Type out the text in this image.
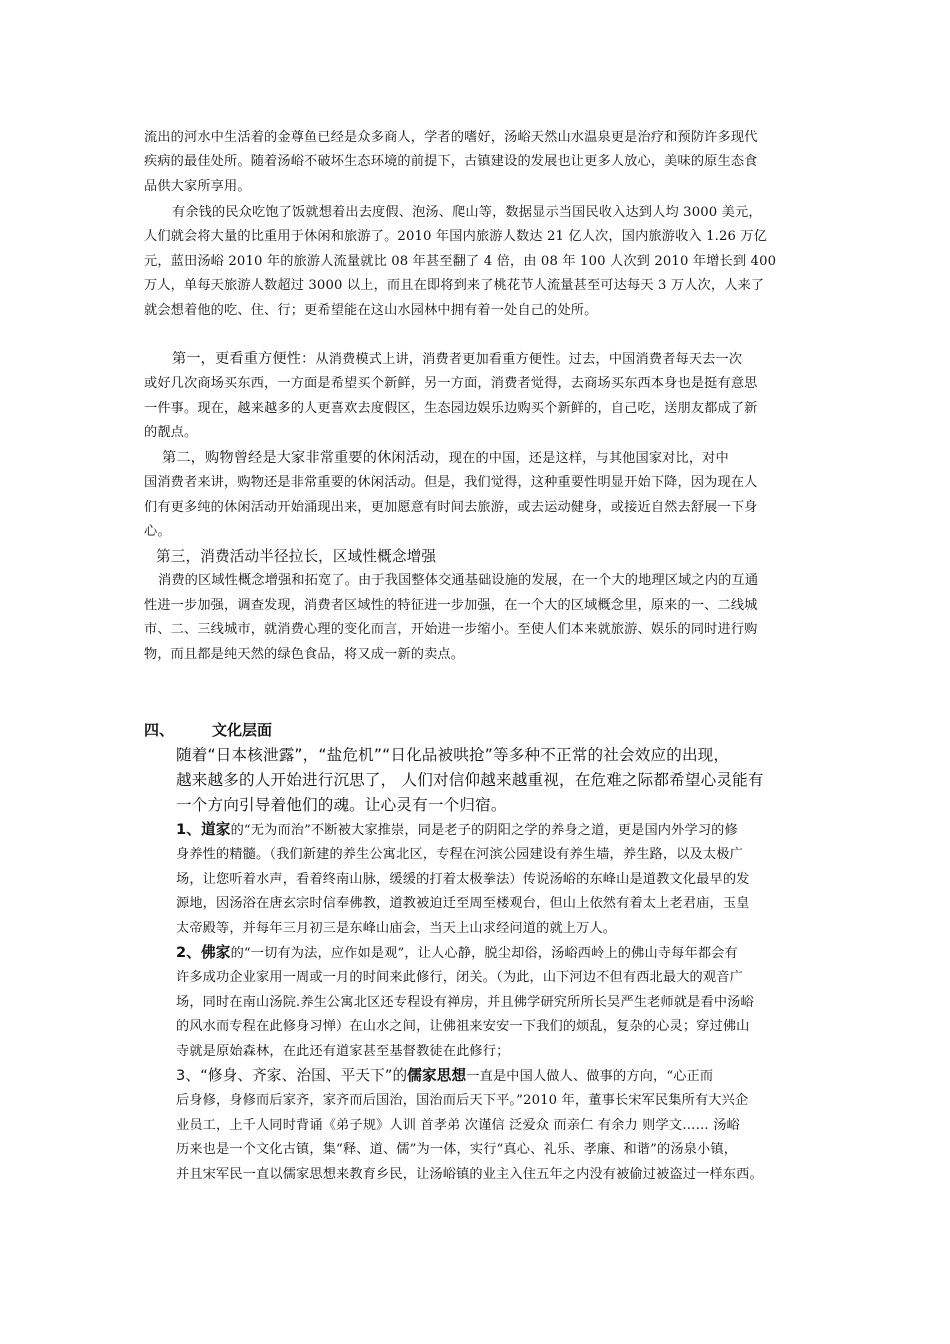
流出的河水中生活着的金尊鱼已经是众多商人，学者的嗜好，汤峪天然山水温泉更是治疗和预防许多现代
疾病的最佳处所。随着汤峪不破坏生态环境的前提下，古镇建设的发展也让更多人放心，美味的原生态食
品供大家所享用。
有余钱的民众吃饱了饭就想着出去度假、泡汤、爬山等，数据显示当国民收入达到人均 3000 美元，
人们就会将大量的比重用于休闲和旅游了。2010 年国内旅游人数达 21 亿人次，国内旅游收入 1.26 万亿
元，蓝田汤峪 2010 年的旅游人流量就比 08 年甚至翻了 4 倍，由 08 年 100 人次到 2010 年增长到 400
万人，单每天旅游人数超过 3000 以上，而且在即将到来了桃花节人流量甚至可达每天 3 万人次，人来了
就会想着他的吃、住、行；更希望能在这山水园林中拥有着一处自己的处所。
第一，更看重方便性：从消费模式上讲，消费者更加看重方便性。过去，中国消费者每天去一次
或好几次商场买东西，一方面是希望买个新鲜，另一方面，消费者觉得，去商场买东西本身也是挺有意思
一件事。现在，越来越多的人更喜欢去度假区，生态园边娱乐边购买个新鲜的，自己吃，送朋友都成了新
的靓点。
第二，购物曾经是大家非常重要的休闲活动，现在的中国，还是这样，与其他国家对比，对中
国消费者来讲，购物还是非常重要的休闲活动。但是，我们觉得，这种重要性明显开始下降，因为现在人
们有更多纯的休闲活动开始涌现出来，更加愿意有时间去旅游，或去运动健身，或接近自然去舒展一下身
心。
第三，消费活动半径拉长，区域性概念增强
消费的区域性概念增强和拓宽了。由于我国整体交通基础设施的发展，在一个大的地理区域之内的互通
性进一步加强，调查发现，消费者区域性的特征进一步加强，在一个大的区域概念里，原来的一、二线城
市、二、三线城市，就消费心理的变化而言，开始进一步缩小。至使人们本来就旅游、娱乐的同时进行购
物，而且都是纯天然的绿色食品，将又成一新的卖点。
四、	文化层面
随着“日本核泄露”，“盐危机”“日化品被哄抢”等多种不正常的社会效应的出现，
越来越多的人开始进行沉思了， 人们对信仰越来越重视，在危难之际都希望心灵能有
一个方向引导着他们的魂。让心灵有一个归宿。
1、道家的“无为而治”不断被大家推崇，同是老子的阴阳之学的养身之道，更是国内外学习的修
身养性的精髓。（我们新建的养生公寓北区，专程在河滨公园建设有养生墙，养生路，以及太极广
场，让您听着水声，看着终南山脉，缓缓的打着太极拳法）传说汤峪的东峰山是道教文化最早的发
源地，因汤浴在唐玄宗时信奉佛教，道教被迫迁至周至楼观台，但山上依然有着太上老君庙，玉皇
太帝殿等，并每年三月初三是东峰山庙会，当天上山求经问道的就上万人。
2、佛家的“一切有为法，应作如是观”，让人心静，脱尘却俗，汤峪西岭上的佛山寺每年都会有
许多成功企业家用一周或一月的时间来此修行，闭关。（为此，山下河边不但有西北最大的观音广
场，同时在南山汤院.养生公寓北区还专程设有禅房，并且佛学研究所所长吴严生老师就是看中汤峪
的风水而专程在此修身习惮）在山水之间，让佛祖来安安一下我们的烦乱，复杂的心灵；穿过佛山
寺就是原始森林，在此还有道家甚至基督教徒在此修行；
3、“修身、齐家、治国、平天下”的儒家思想一直是中国人做人、做事的方向，“心正而
后身修，身修而后家齐，家齐而后国治，国治而后天下平。”2010 年，董事长宋军民集所有大兴企
业员工，上千人同时背诵《弟子规》人训 首孝弟 次谨信 泛爱众 而亲仁 有余力 则学文…… 汤峪
历来也是一个文化古镇，集“释、道、儒”为一体，实行“真心、礼乐、孝廉、和谐”的汤泉小镇，
并且宋军民一直以儒家思想来教育乡民，让汤峪镇的业主入住五年之内没有被偷过被盗过一样东西。
